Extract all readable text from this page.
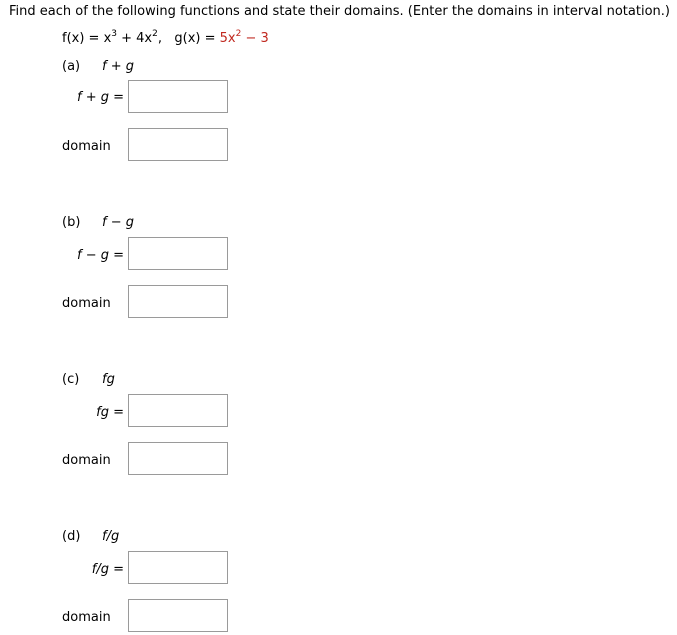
Find each of the following functions and state their domains. (Enter the domains in interval notation.)
$f(x) = x^3 + 4x^2$,   $g(x) = 5x^2 - 3$
(a) f + g
f + g =
domain
(b) f − g
f − g =
domain
(c) fg
fg =
domain
(d) f/g
f/g =
domain
